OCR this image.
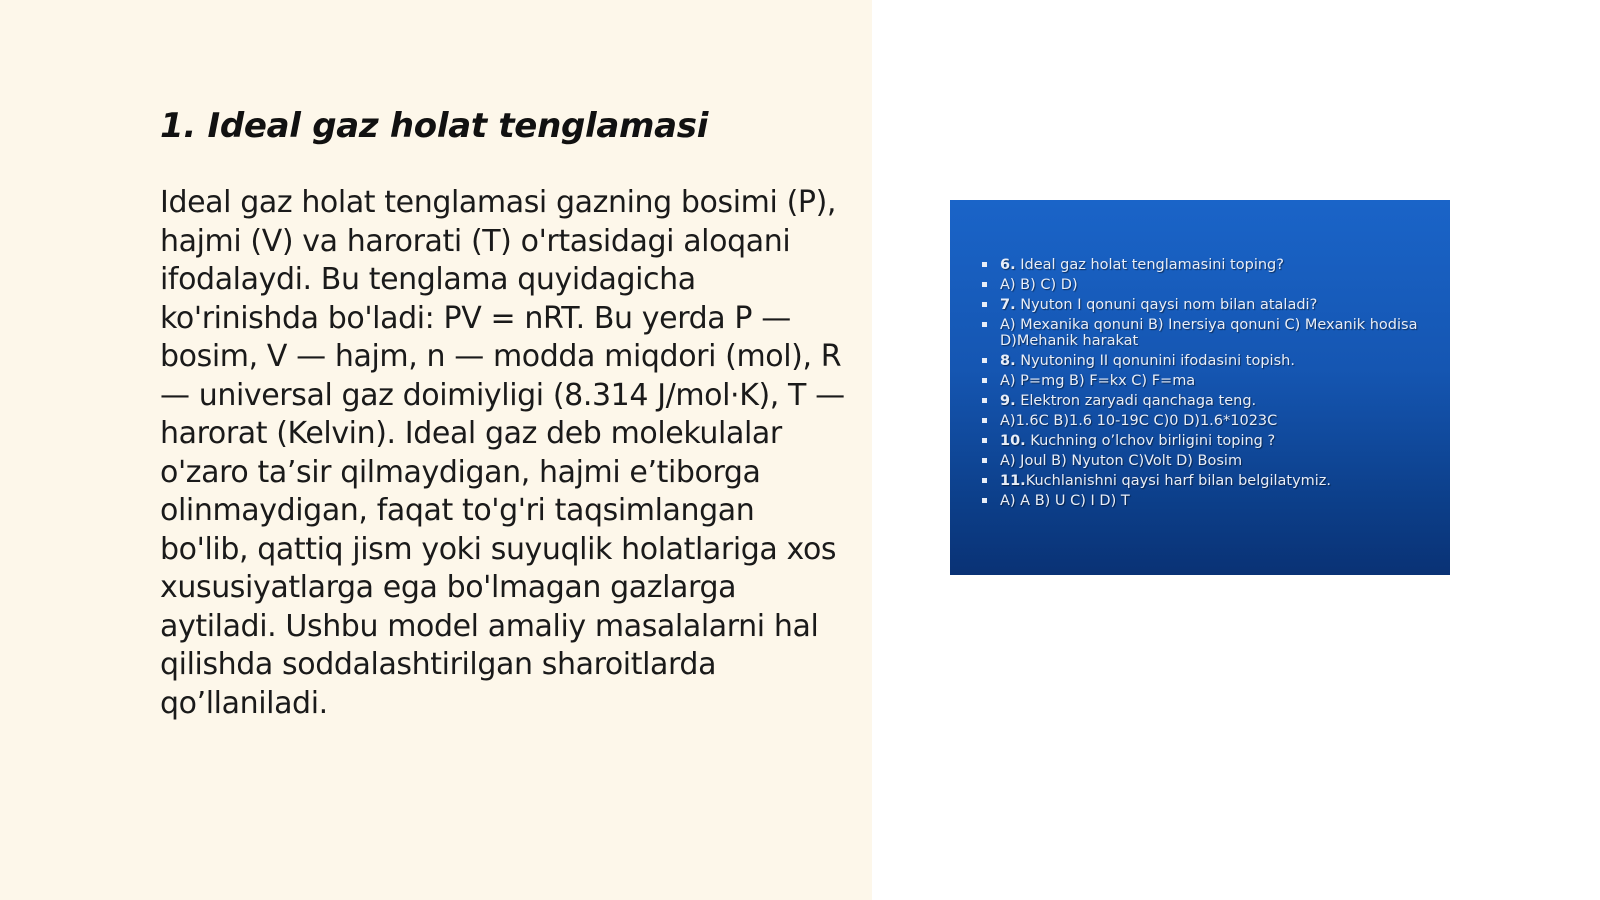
1. Ideal gaz holat tenglamasi

Ideal gaz holat tenglamasi gazning bosimi (P), hajmi (V) va harorati (T) o'rtasidagi aloqani ifodalaydi. Bu tenglama quyidagicha ko'rinishda bo'ladi: PV = nRT. Bu yerda P — bosim, V — hajm, n — modda miqdori (mol), R — universal gaz doimiyligi (8.314 J/mol·K), T — harorat (Kelvin). Ideal gaz deb molekulalar o'zaro ta’sir qilmaydigan, hajmi e’tiborga olinmaydigan, faqat to'g'ri taqsimlangan bo'lib, qattiq jism yoki suyuqlik holatlariga xos xususiyatlarga ega bo'lmagan gazlarga aytiladi. Ushbu model amaliy masalalarni hal qilishda soddalashtirilgan sharoitlarda qo’llaniladi.

6. Ideal gaz holat tenglamasini toping?
A) B) C) D)
7. Nyuton I qonuni qaysi nom bilan ataladi?
A) Mexanika qonuni B) Inersiya qonuni C) Mexanik hodisa D)Mehanik harakat
8. Nyutoning II qonunini ifodasini topish.
A) P=mg B) F=kx C) F=ma
9. Elektron zaryadi qanchaga teng.
A)1.6C B)1.6 10-19C C)0 D)1.6*1023C
10. Kuchning o’lchov birligini toping ?
A) Joul B) Nyuton C)Volt D) Bosim
11.Kuchlanishni qaysi harf bilan belgilatymiz.
A) A B) U C) I D) T
